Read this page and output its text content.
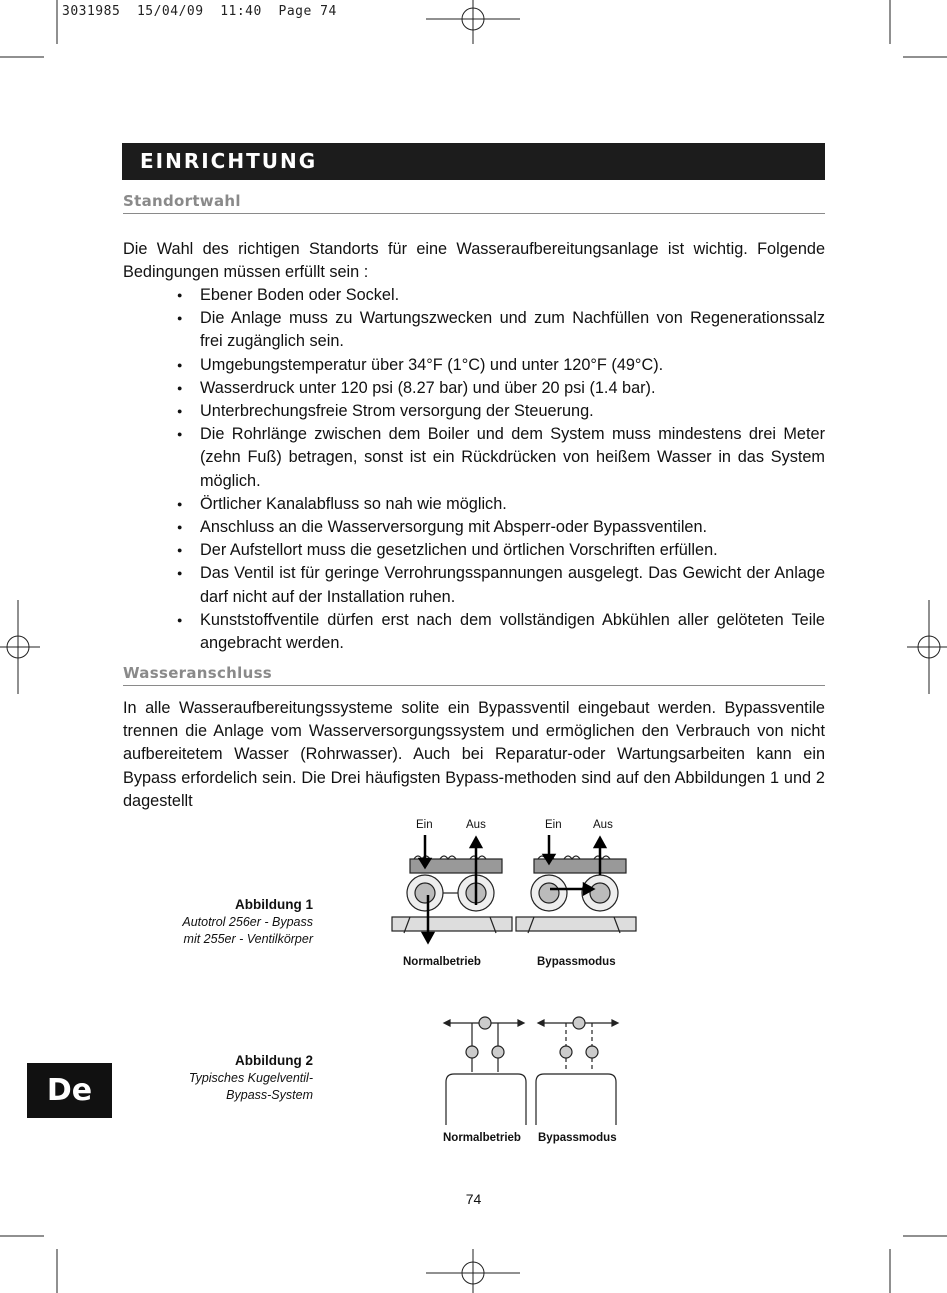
3031985  15/04/09  11:40  Page 74
EINRICHTUNG
Standortwahl
Die Wahl des richtigen Standorts für eine Wasseraufbereitungsanlage ist wichtig. Folgende Bedingungen müssen erfüllt sein :
● Ebener Boden oder Sockel.
● Die Anlage muss zu Wartungszwecken und zum Nachfüllen von Regenerationssalz frei zugänglich sein.
● Umgebungstemperatur über 34°F (1°C) und unter 120°F (49°C).
● Wasserdruck unter 120 psi (8.27 bar) und über 20 psi (1.4 bar).
● Unterbrechungsfreie Strom versorgung der Steuerung.
● Die Rohrlänge zwischen dem Boiler und dem System muss mindestens drei Meter (zehn Fuß) betragen, sonst ist ein Rückdrücken von heißem Wasser in das System möglich.
● Örtlicher Kanalabfluss so nah wie möglich.
● Anschluss an die Wasserversorgung mit Absperr-oder Bypassventilen.
● Der Aufstellort muss die gesetzlichen und örtlichen Vorschriften erfüllen.
● Das Ventil ist für geringe Verrohrungsspannungen ausgelegt. Das Gewicht der Anlage darf nicht auf der Installation ruhen.
● Kunststoffventile dürfen erst nach dem vollständigen Abkühlen aller gelöteten Teile angebracht werden.
Wasseranschluss
In alle Wasseraufbereitungssysteme solite ein Bypassventil eingebaut werden. Bypassventile trennen die Anlage vom Wasserversorgungssystem und ermöglichen den Verbrauch von nicht aufbereitetem Wasser (Rohrwasser). Auch bei Reparatur-oder Wartungsarbeiten kann ein Bypass erfordelich sein. Die Drei häufigsten Bypass-methoden sind auf den Abbildungen 1 und 2 dagestellt
Abbildung 1
Autotrol 256er - Bypass
mit 255er - Ventilkörper
Ein	Aus	Ein	Aus
Normalbetrieb	Bypassmodus
Abbildung 2
Typisches Kugelventil-
Bypass-System
Normalbetrieb Bypassmodus
De
74
